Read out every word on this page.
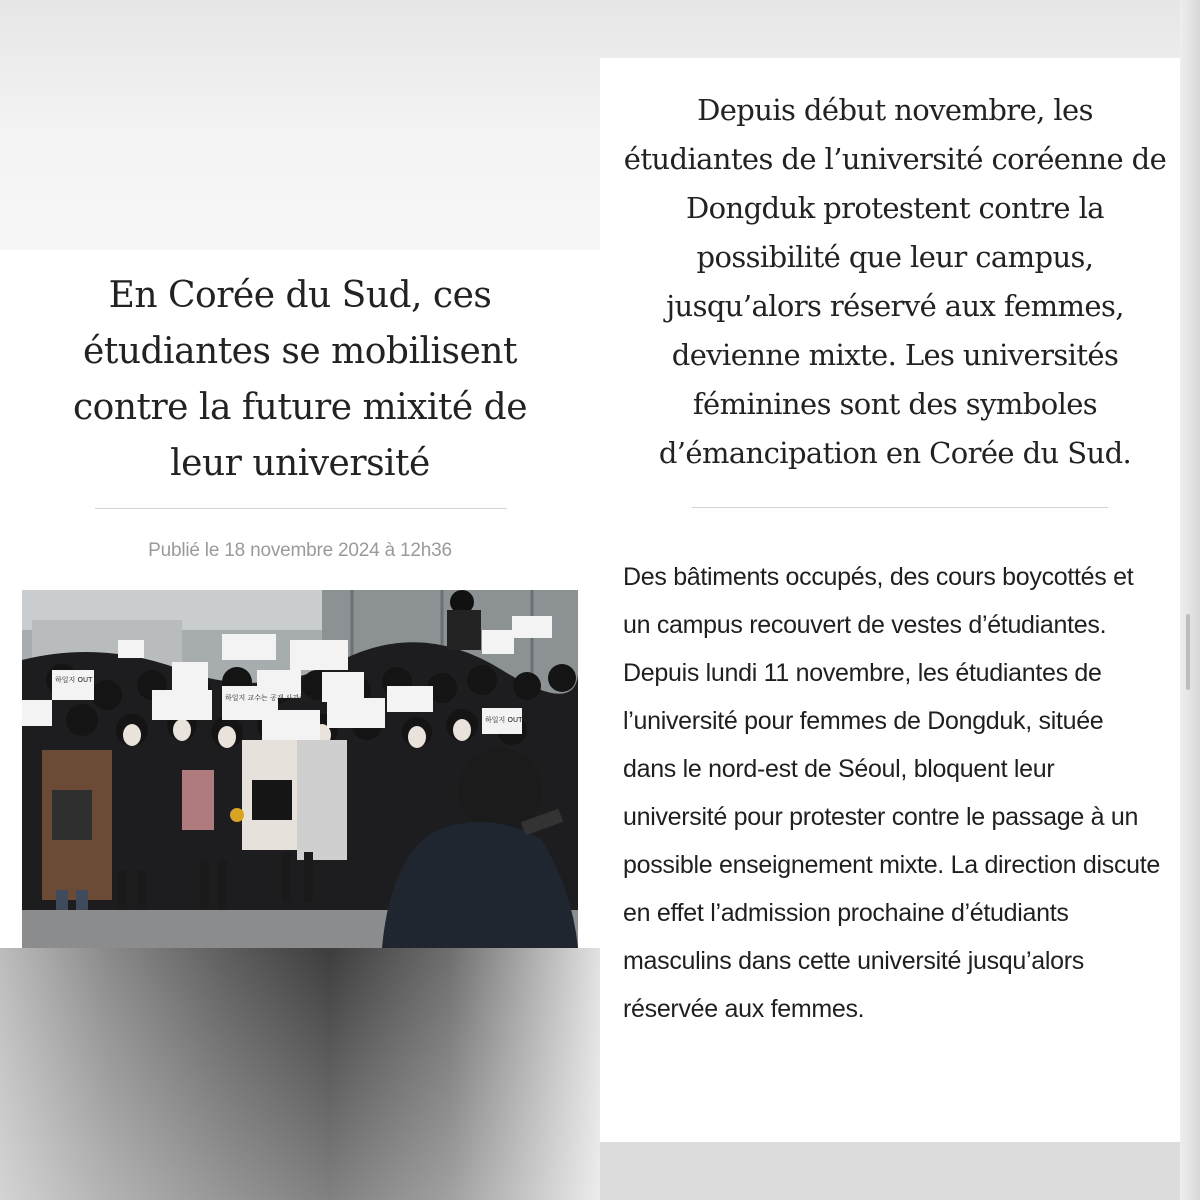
En Corée du Sud, ces étudiantes se mobilisent contre la future mixité de leur université
Publié le 18 novembre 2024 à 12h36
하일지 OUT
하일지 교수는 공개 사과하라
하일지 OUT

Depuis début novembre, les étudiantes de l’université coréenne de Dongduk protestent contre la possibilité que leur campus, jusqu’alors réservé aux femmes, devienne mixte. Les universités féminines sont des symboles d’émancipation en Corée du Sud.

Des bâtiments occupés, des cours boycottés et un campus recouvert de vestes d’étudiantes. Depuis lundi 11 novembre, les étudiantes de l’université pour femmes de Dongduk, située dans le nord-est de Séoul, bloquent leur université pour protester contre le passage à un possible enseignement mixte. La direction discute en effet l’admission prochaine d’étudiants masculins dans cette université jusqu’alors réservée aux femmes.
